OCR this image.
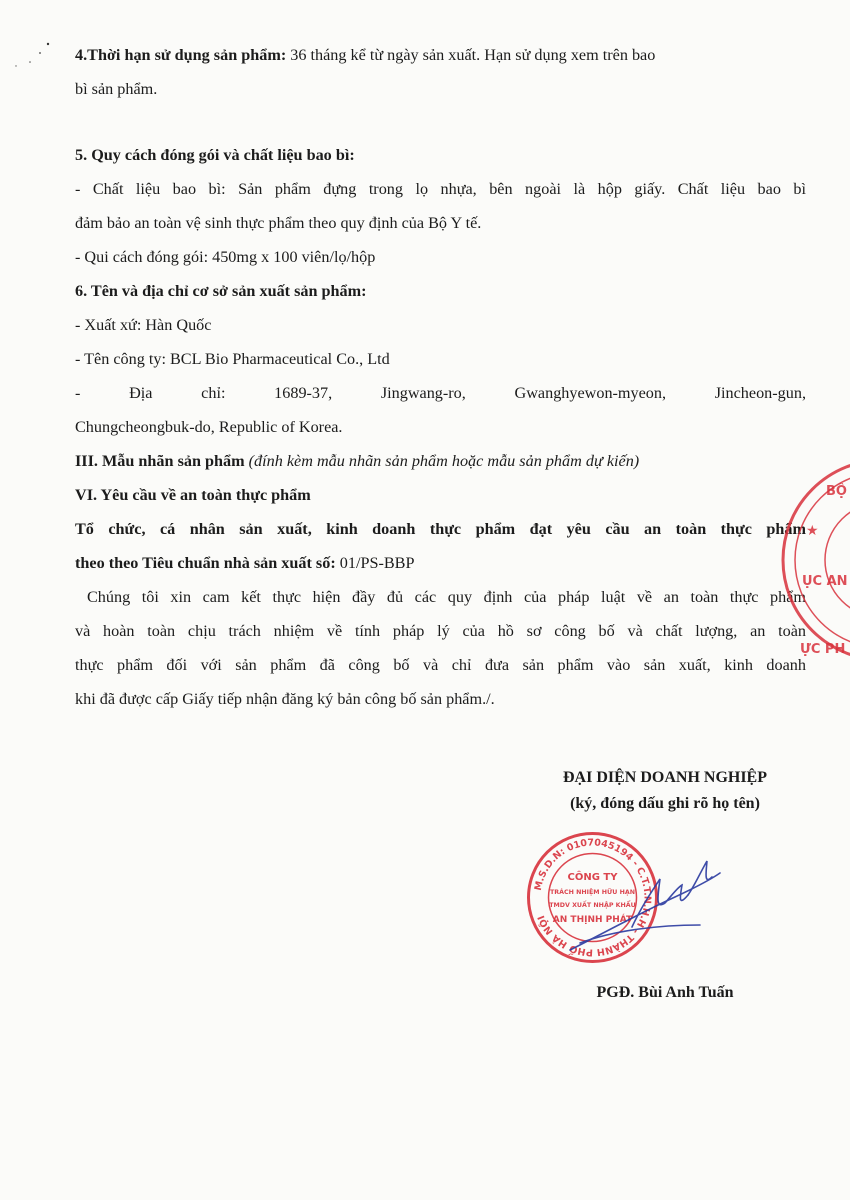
4.Thời hạn sử dụng sản phẩm: 36 tháng kể từ ngày sản xuất. Hạn sử dụng xem trên bao

bì sản phẩm.

5. Quy cách đóng gói và chất liệu bao bì:

- Chất liệu bao bì: Sản phẩm đựng trong lọ nhựa, bên ngoài là hộp giấy. Chất liệu bao bì

đảm bảo an toàn vệ sinh thực phẩm theo quy định của Bộ Y tế.

- Qui cách đóng gói: 450mg x 100 viên/lọ/hộp

6. Tên và địa chỉ cơ sở sản xuất sản phẩm:

- Xuất xứ: Hàn Quốc

- Tên công ty: BCL Bio Pharmaceutical Co., Ltd

-	Địa	chỉ:	1689-37,	Jingwang-ro,	Gwanghyewon-myeon,	Jincheon-gun,

Chungcheongbuk-do, Republic of Korea.

III. Mẫu nhãn sản phẩm (đính kèm mẫu nhãn sản phẩm hoặc mẫu sản phẩm dự kiến)

VI. Yêu cầu về an toàn thực phẩm

Tổ chức, cá nhân sản xuất, kinh doanh thực phẩm đạt yêu cầu an toàn thực phẩm

theo theo Tiêu chuẩn nhà sản xuất số: 01/PS-BBP

Chúng tôi xin cam kết thực hiện đầy đủ các quy định của pháp luật về an toàn thực phẩm

và hoàn toàn chịu trách nhiệm về tính pháp lý của hồ sơ công bố và chất lượng, an toàn

thực phẩm đối với sản phẩm đã công bố và chỉ đưa sản phẩm vào sản xuất, kinh doanh

khi đã được cấp Giấy tiếp nhận đăng ký bản công bố sản phẩm./.

BỘ
ỤC AN
ỰC PH
★
ĐẠI DIỆN DOANH NGHIỆP
(ký, đóng dấu ghi rõ họ tên)
M.S.D.N: 0107045194 - C.T.T.N.H.H - THÀNH PHỐ HÀ NỘI
CÔNG TY
TRÁCH NHIỆM HỮU HẠN
TMDV XUẤT NHẬP KHẨU
AN THỊNH PHÁT
PGĐ. Bùi Anh Tuấn
